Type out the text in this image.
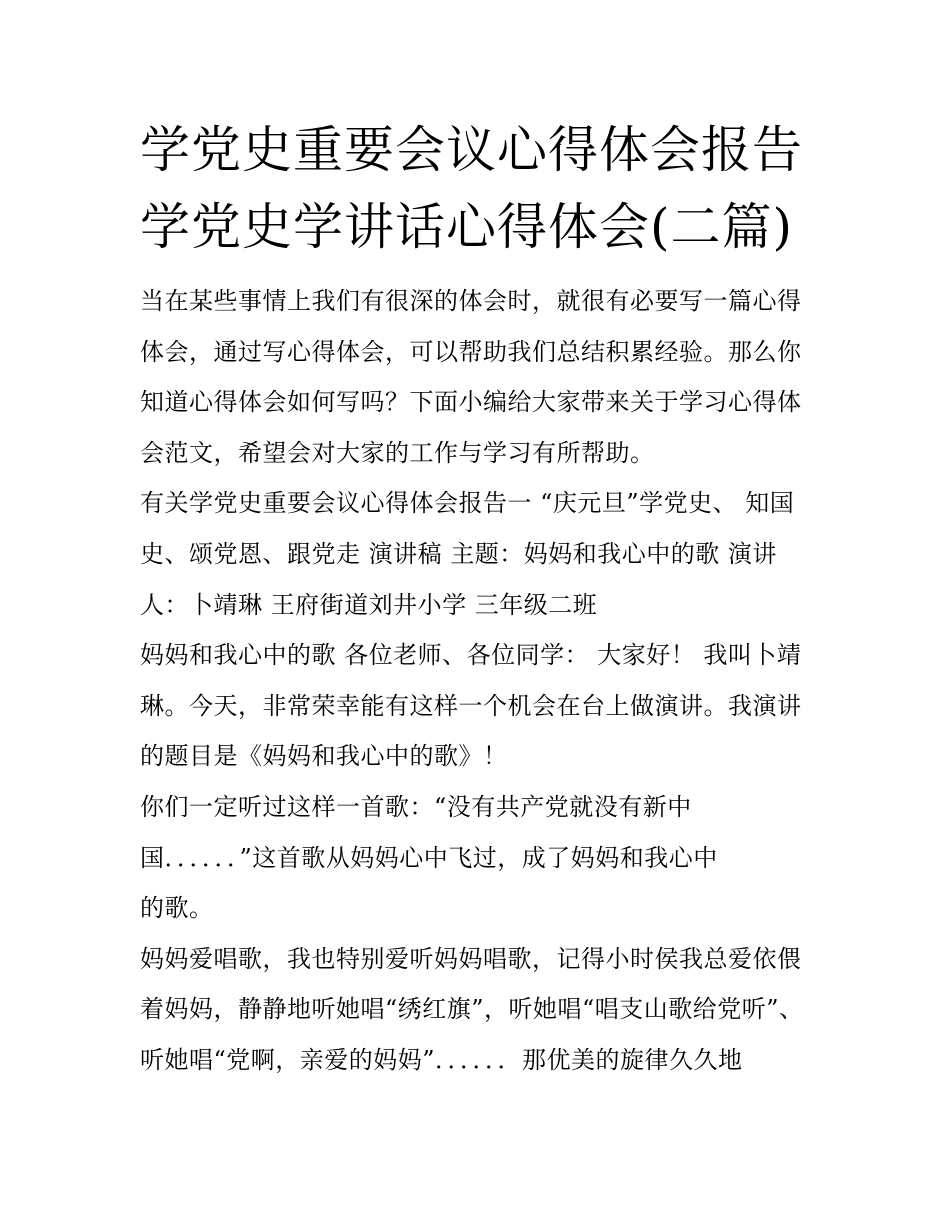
学党史重要会议心得体会报告
学党史学讲话心得体会(二篇)
当在某些事情上我们有很深的体会时，就很有必要写一篇心得
体会，通过写心得体会，可以帮助我们总结积累经验。那么你
知道心得体会如何写吗？下面小编给大家带来关于学习心得体
会范文，希望会对大家的工作与学习有所帮助。
有关学党史重要会议心得体会报告一 “庆元旦”学党史、 知国
史、颂党恩、跟党走 演讲稿 主题：妈妈和我心中的歌 演讲
人：卜靖琳 王府街道刘井小学 三年级二班
妈妈和我心中的歌 各位老师、各位同学： 大家好！ 我叫卜靖
琳。今天，非常荣幸能有这样一个机会在台上做演讲。我演讲
的题目是《妈妈和我心中的歌》！
你们一定听过这样一首歌：“没有共产党就没有新中
国．．．．．．”这首歌从妈妈心中飞过，成了妈妈和我心中
的歌。
妈妈爱唱歌，我也特别爱听妈妈唱歌，记得小时侯我总爱依偎
着妈妈，静静地听她唱“绣红旗”，听她唱“唱支山歌给党听”、
听她唱“党啊，亲爱的妈妈”．．．．．．那优美的旋律久久地
